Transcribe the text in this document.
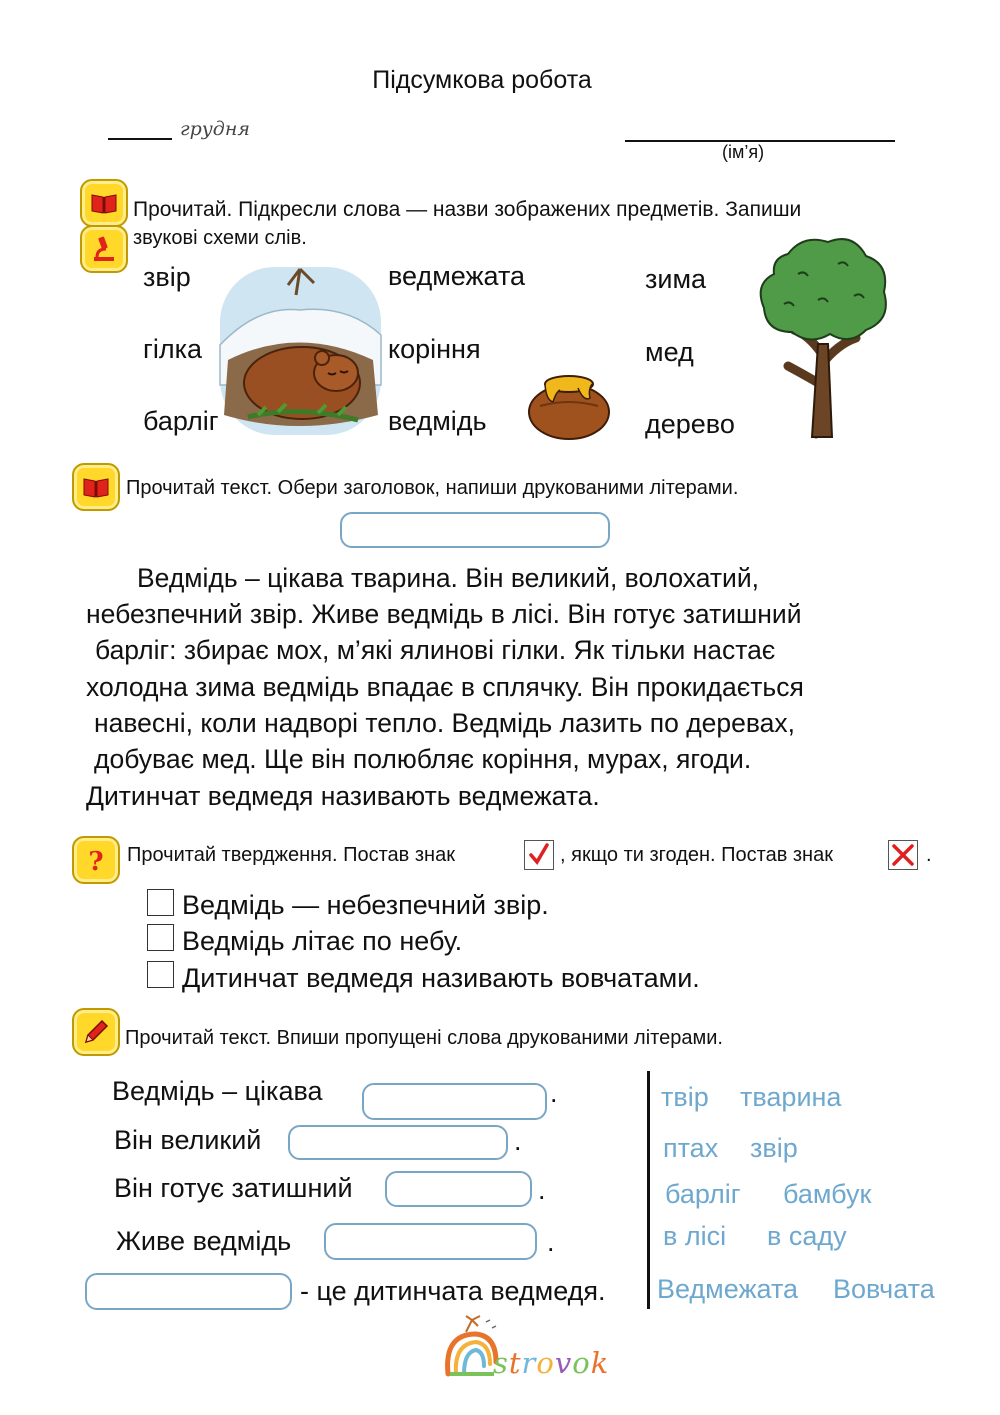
Підсумкова робота
грудня
(ім’я)
Прочитай. Підкресли слова — назви зображених предметів. Запиши
звукові схеми слів.
звір
гілка
барліг
ведмежата
коріння
ведмідь
зима
мед
дерево
Прочитай текст. Обери заголовок, напиши друкованими літерами.
Ведмідь – цікава тварина. Він великий, волохатий,
небезпечний звір. Живе ведмідь в лісі. Він готує затишний
барліг: збирає мох, м’які ялинові гілки. Як тільки настає
холодна зима ведмідь впадає в сплячку. Він прокидається
навесні, коли надворі тепло. Ведмідь лазить по деревах,
добуває мед. Ще він полюбляє коріння, мурах, ягоди.
Дитинчат ведмедя називають ведмежата.
? Прочитай твердження. Постав знак	, якщо ти згоден. Постав знак	.
Ведмідь — небезпечний звір.
Ведмідь літає по небу.
Дитинчат ведмедя називають вовчатами.
Прочитай текст. Впиши пропущені слова друкованими літерами.
Ведмідь – цікава	.
Він великий	.
Він готує затишний	.
Живе ведмідь	.
- це дитинчата ведмедя.
твір тварина
птах звір
барліг бамбук
в лісі в саду
Ведмежата Вовчата
strovok
